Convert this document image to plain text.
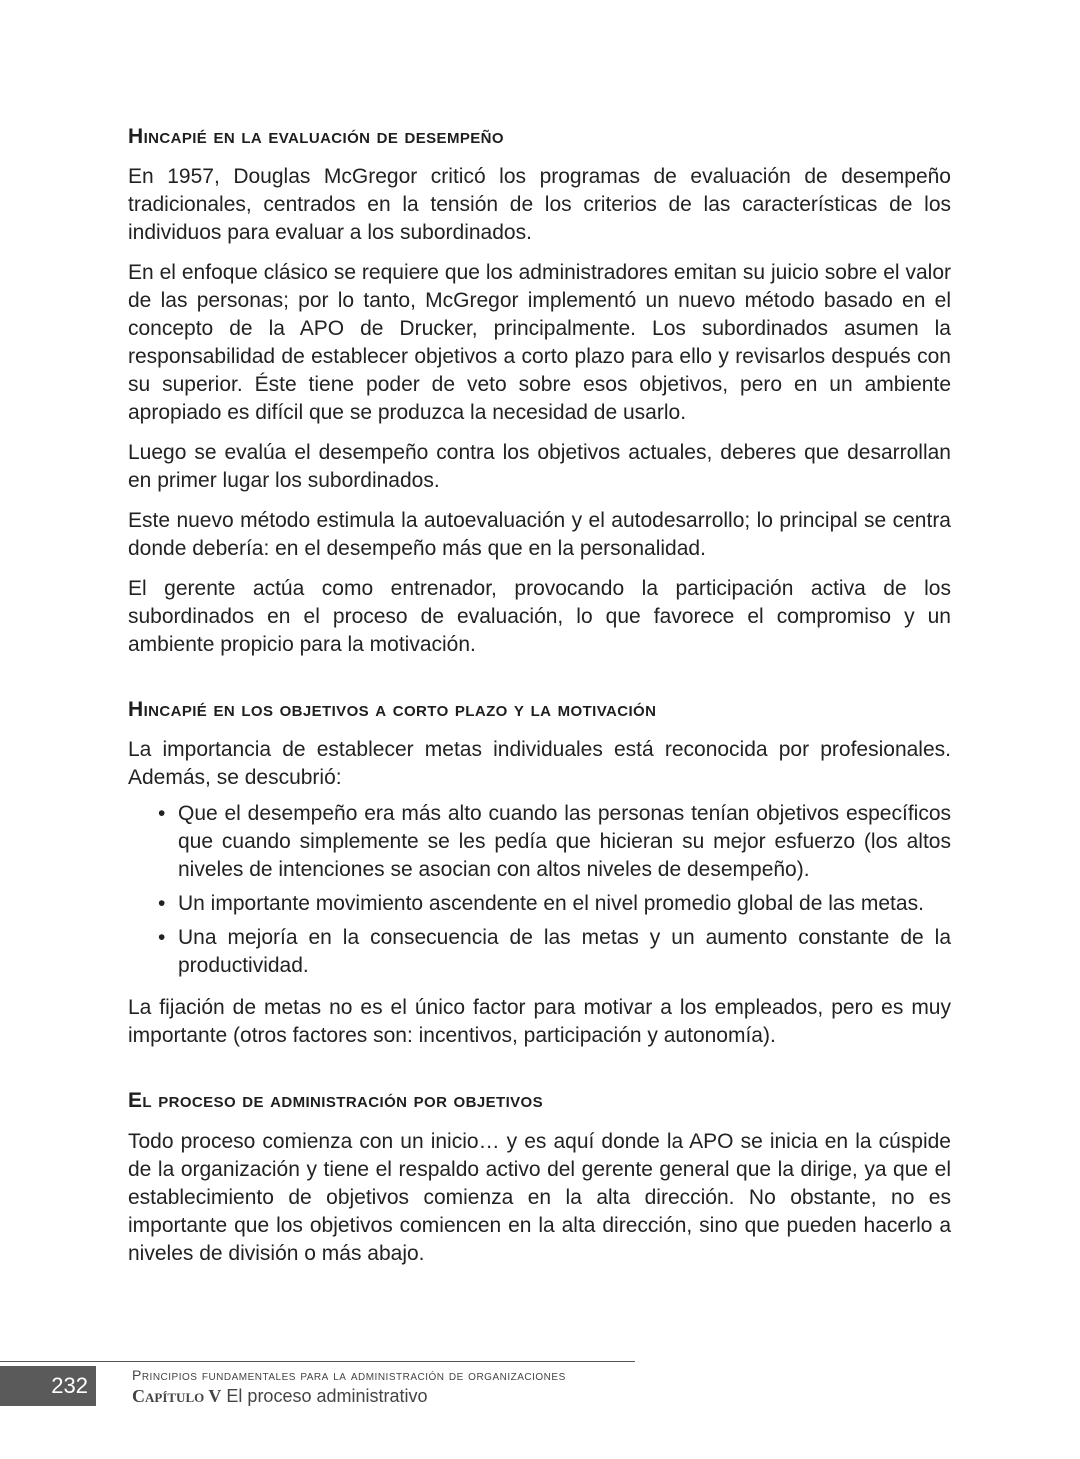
Hincapié en la evaluación de desempeño

En 1957, Douglas McGregor criticó los programas de evaluación de desempeño tradicionales, centrados en la tensión de los criterios de las características de los individuos para evaluar a los subordinados.

En el enfoque clásico se requiere que los administradores emitan su juicio sobre el valor de las personas; por lo tanto, McGregor implementó un nuevo método basado en el concepto de la APO de Drucker, principalmente. Los subordinados asumen la responsabilidad de establecer objetivos a corto plazo para ello y revisarlos después con su superior. Éste tiene poder de veto sobre esos objetivos, pero en un ambiente apropiado es difícil que se produzca la necesidad de usarlo.

Luego se evalúa el desempeño contra los objetivos actuales, deberes que desarrollan en primer lugar los subordinados.

Este nuevo método estimula la autoevaluación y el autodesarrollo; lo principal se centra donde debería: en el desempeño más que en la personalidad.

El gerente actúa como entrenador, provocando la participación activa de los subordinados en el proceso de evaluación, lo que favorece el compromiso y un ambiente propicio para la motivación.

Hincapié en los objetivos a corto plazo y la motivación

La importancia de establecer metas individuales está reconocida por profesionales. Además, se descubrió:

• Que el desempeño era más alto cuando las personas tenían objetivos específicos que cuando simplemente se les pedía que hicieran su mejor esfuerzo (los altos niveles de intenciones se asocian con altos niveles de desempeño).
• Un importante movimiento ascendente en el nivel promedio global de las metas.
• Una mejoría en la consecuencia de las metas y un aumento constante de la productividad.

La fijación de metas no es el único factor para motivar a los empleados, pero es muy importante (otros factores son: incentivos, participación y autonomía).

El proceso de administración por objetivos

Todo proceso comienza con un inicio… y es aquí donde la APO se inicia en la cúspide de la organización y tiene el respaldo activo del gerente general que la dirige, ya que el establecimiento de objetivos comienza en la alta dirección. No obstante, no es importante que los objetivos comiencen en la alta dirección, sino que pueden hacerlo a niveles de división o más abajo.

232	Principios fundamentales para la administración de organizaciones
Capítulo V El proceso administrativo
